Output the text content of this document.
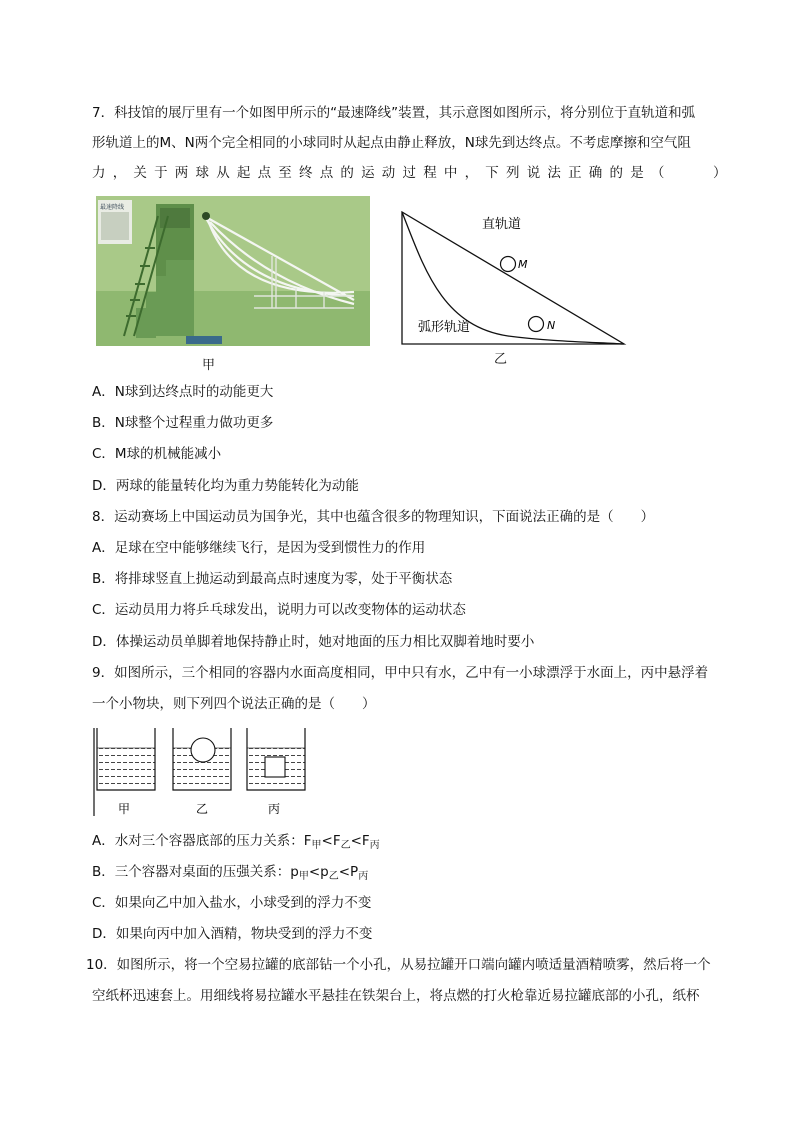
7．科技馆的展厅里有一个如图甲所示的“最速降线”装置，其示意图如图所示，将分别位于直轨道和弧
形轨道上的M、N两个完全相同的小球同时从起点由静止释放，N球先到达终点。不考虑摩擦和空气阻
力，关于两球从起点至终点的运动过程中，下列说法正确的是（　　）
最速降线
甲
M
N
直轨道
弧形轨道
乙
A．N球到达终点时的动能更大
B．N球整个过程重力做功更多
C．M球的机械能减小
D．两球的能量转化均为重力势能转化为动能
8．运动赛场上中国运动员为国争光，其中也蕴含很多的物理知识，下面说法正确的是（　　）
A．足球在空中能够继续飞行，是因为受到惯性力的作用
B．将排球竖直上抛运动到最高点时速度为零，处于平衡状态
C．运动员用力将乒乓球发出，说明力可以改变物体的运动状态
D．体操运动员单脚着地保持静止时，她对地面的压力相比双脚着地时要小
9．如图所示，三个相同的容器内水面高度相同，甲中只有水，乙中有一小球漂浮于水面上，丙中悬浮着
一个小物块，则下列四个说法正确的是（　　）
甲	乙	丙
A．水对三个容器底部的压力关系：$F_甲<F_乙<F_丙$
B．三个容器对桌面的压强关系：$p_甲<p_乙<P_丙$
C．如果向乙中加入盐水，小球受到的浮力不变
D．如果向丙中加入酒精，物块受到的浮力不变
10．如图所示，将一个空易拉罐的底部钻一个小孔，从易拉罐开口端向罐内喷适量酒精喷雾，然后将一个
空纸杯迅速套上。用细线将易拉罐水平悬挂在铁架台上，将点燃的打火枪靠近易拉罐底部的小孔，纸杯
